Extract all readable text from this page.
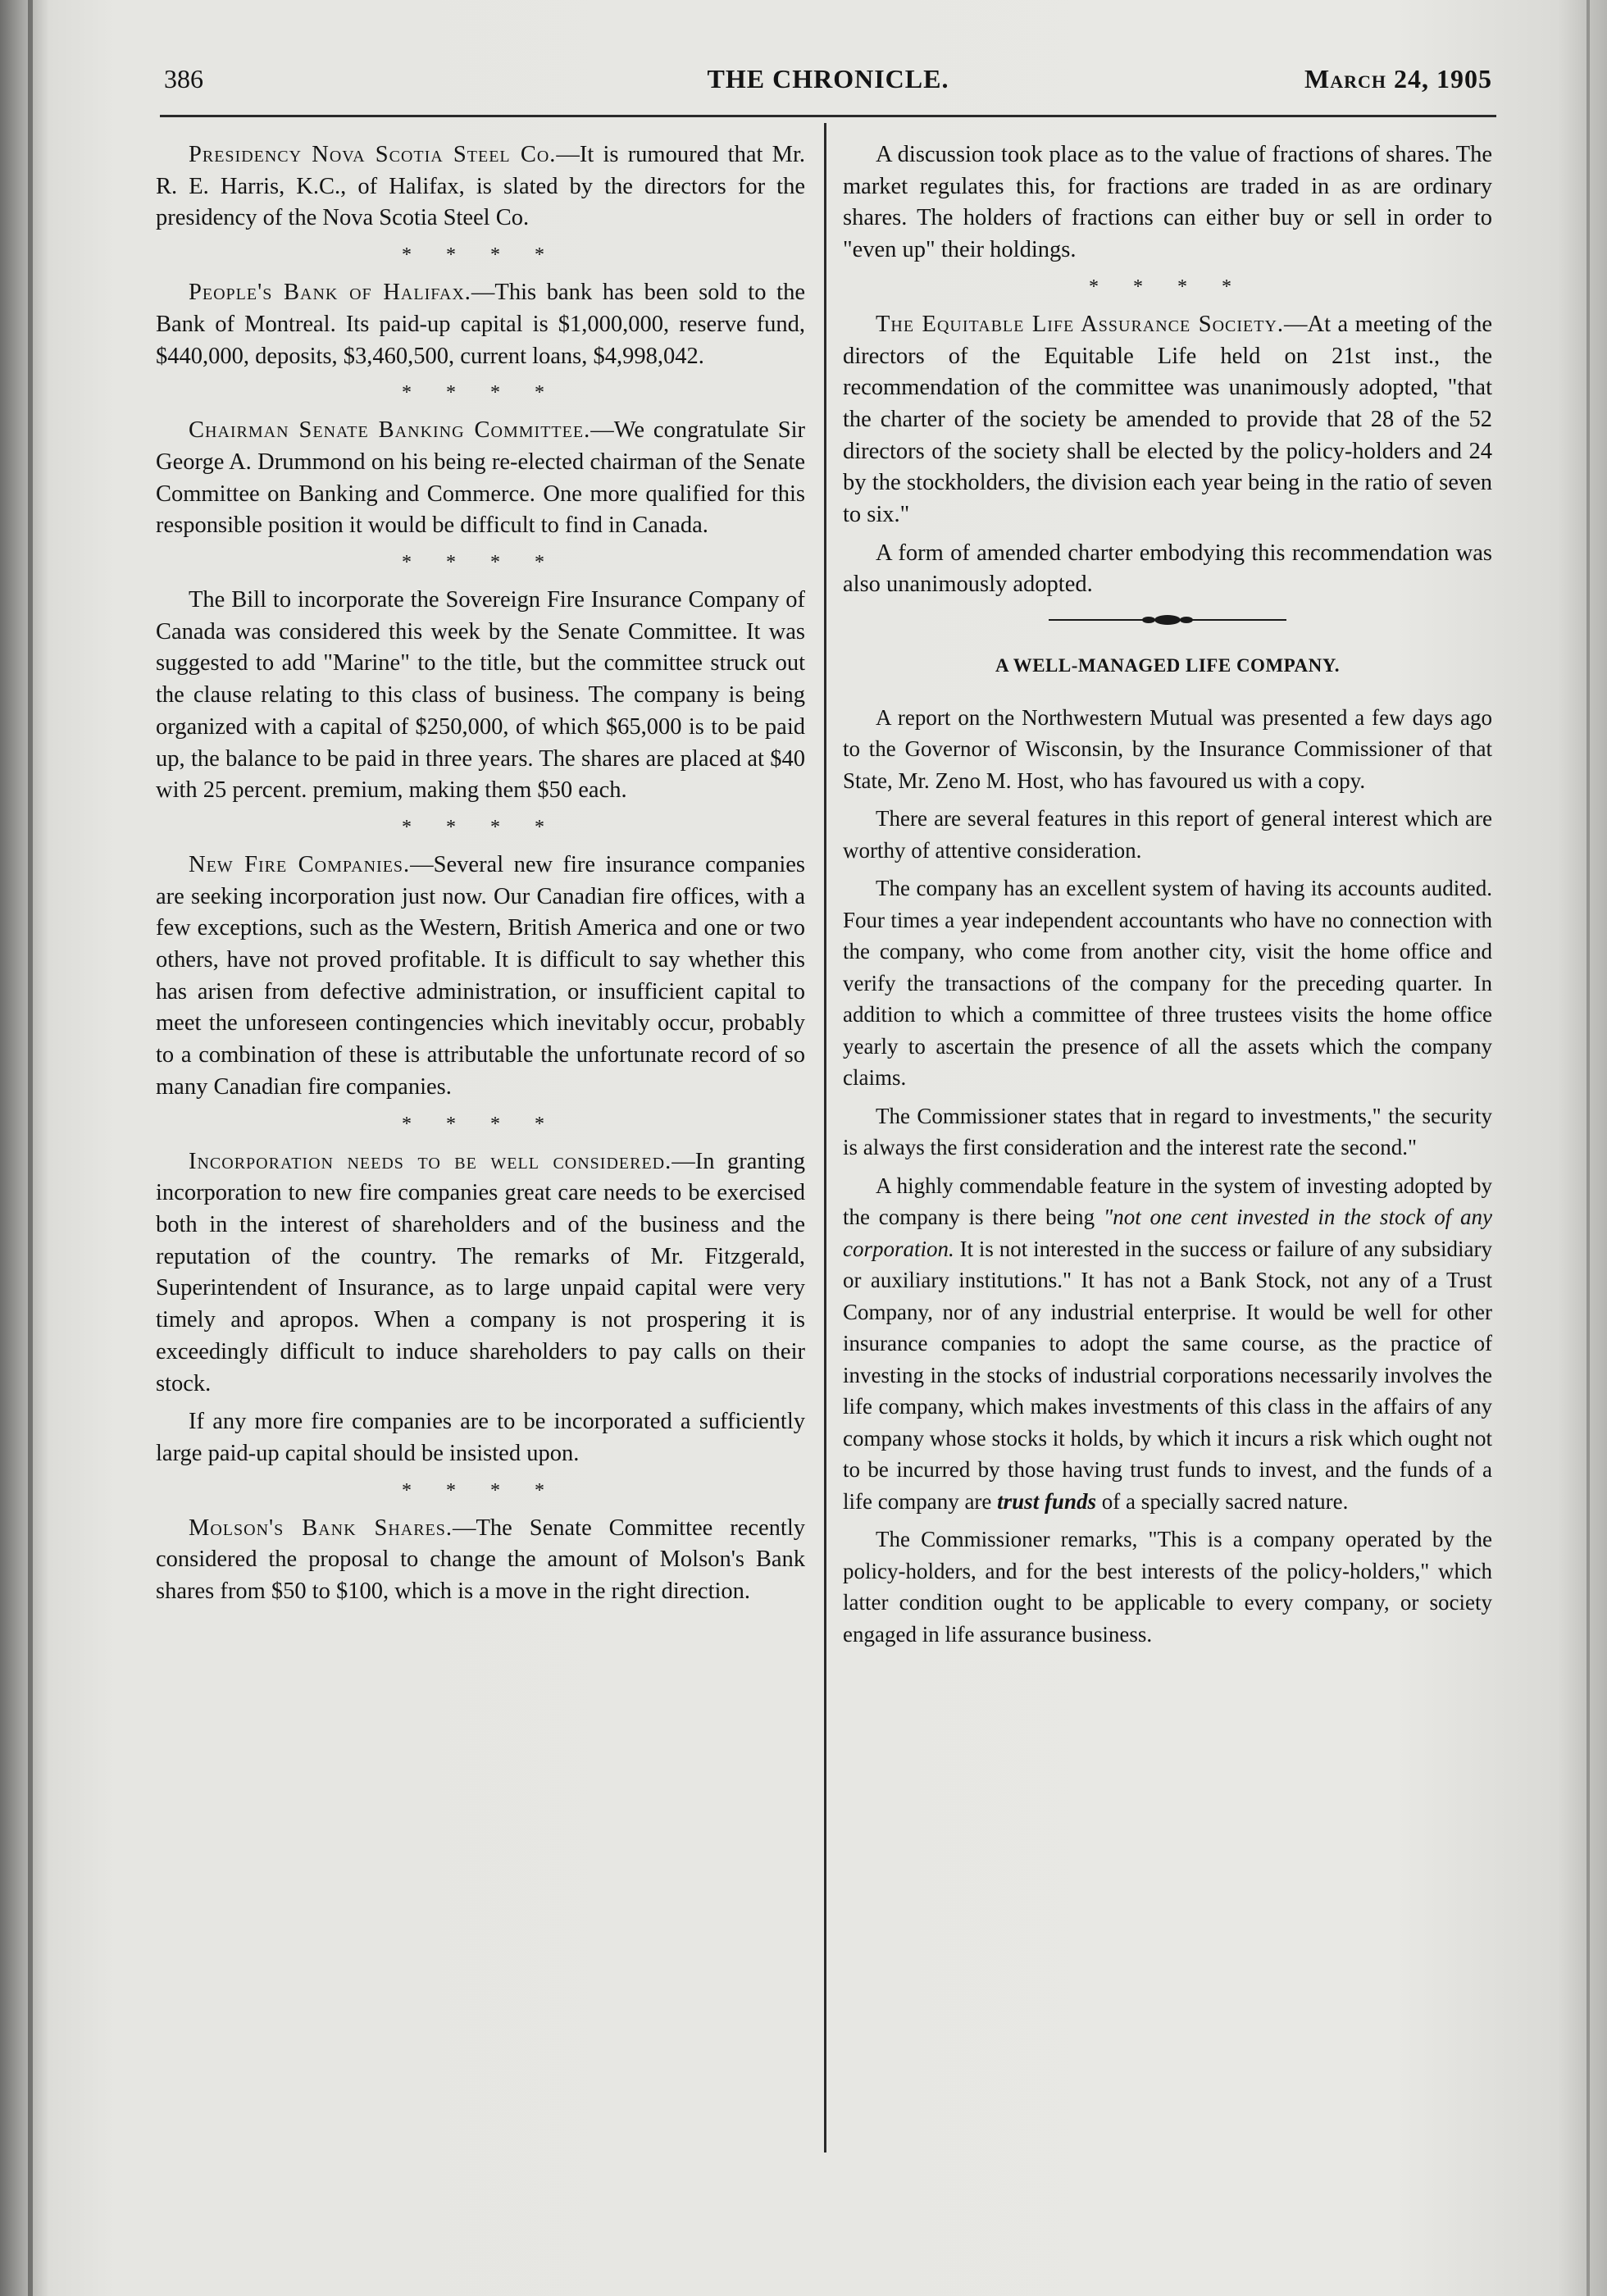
386	THE CHRONICLE.	March 24, 1905

Presidency Nova Scotia Steel Co.—It is rumoured that Mr. R. E. Harris, K.C., of Halifax, is slated by the directors for the presidency of the Nova Scotia Steel Co.

* * * *

People's Bank of Halifax.—This bank has been sold to the Bank of Montreal. Its paid-up capital is $1,000,000, reserve fund, $440,000, deposits, $3,460,500, current loans, $4,998,042.

* * * *

Chairman Senate Banking Committee.—We congratulate Sir George A. Drummond on his being re-elected chairman of the Senate Committee on Banking and Commerce. One more qualified for this responsible position it would be difficult to find in Canada.

* * * *

The Bill to incorporate the Sovereign Fire Insurance Company of Canada was considered this week by the Senate Committee. It was suggested to add "Marine" to the title, but the committee struck out the clause relating to this class of business. The company is being organized with a capital of $250,000, of which $65,000 is to be paid up, the balance to be paid in three years. The shares are placed at $40 with 25 percent. premium, making them $50 each.

* * * *

New Fire Companies.—Several new fire insurance companies are seeking incorporation just now. Our Canadian fire offices, with a few exceptions, such as the Western, British America and one or two others, have not proved profitable. It is difficult to say whether this has arisen from defective administration, or insufficient capital to meet the unforeseen contingencies which inevitably occur, probably to a combination of these is attributable the unfortunate record of so many Canadian fire companies.

* * * *

Incorporation needs to be well considered.—In granting incorporation to new fire companies great care needs to be exercised both in the interest of shareholders and of the business and the reputation of the country. The remarks of Mr. Fitzgerald, Superintendent of Insurance, as to large unpaid capital were very timely and apropos. When a company is not prospering it is exceedingly difficult to induce shareholders to pay calls on their stock.

If any more fire companies are to be incorporated a sufficiently large paid-up capital should be insisted upon.

* * * *

Molson's Bank Shares.—The Senate Committee recently considered the proposal to change the amount of Molson's Bank shares from $50 to $100, which is a move in the right direction.

A discussion took place as to the value of fractions of shares. The market regulates this, for fractions are traded in as are ordinary shares. The holders of fractions can either buy or sell in order to "even up" their holdings.

* * * *

The Equitable Life Assurance Society.—At a meeting of the directors of the Equitable Life held on 21st inst., the recommendation of the committee was unanimously adopted, "that the charter of the society be amended to provide that 28 of the 52 directors of the society shall be elected by the policy-holders and 24 by the stockholders, the division each year being in the ratio of seven to six."

A form of amended charter embodying this recommendation was also unanimously adopted.

A WELL-MANAGED LIFE COMPANY.

A report on the Northwestern Mutual was presented a few days ago to the Governor of Wisconsin, by the Insurance Commissioner of that State, Mr. Zeno M. Host, who has favoured us with a copy.

There are several features in this report of general interest which are worthy of attentive consideration.

The company has an excellent system of having its accounts audited. Four times a year independent accountants who have no connection with the company, who come from another city, visit the home office and verify the transactions of the company for the preceding quarter. In addition to which a committee of three trustees visits the home office yearly to ascertain the presence of all the assets which the company claims.

The Commissioner states that in regard to investments," the security is always the first consideration and the interest rate the second."

A highly commendable feature in the system of investing adopted by the company is there being "not one cent invested in the stock of any corporation. It is not interested in the success or failure of any subsidiary or auxiliary institutions." It has not a Bank Stock, not any of a Trust Company, nor of any industrial enterprise. It would be well for other insurance companies to adopt the same course, as the practice of investing in the stocks of industrial corporations necessarily involves the life company, which makes investments of this class in the affairs of any company whose stocks it holds, by which it incurs a risk which ought not to be incurred by those having trust funds to invest, and the funds of a life company are trust funds of a specially sacred nature.

The Commissioner remarks, "This is a company operated by the policy-holders, and for the best interests of the policy-holders," which latter condition ought to be applicable to every company, or society engaged in life assurance business.
